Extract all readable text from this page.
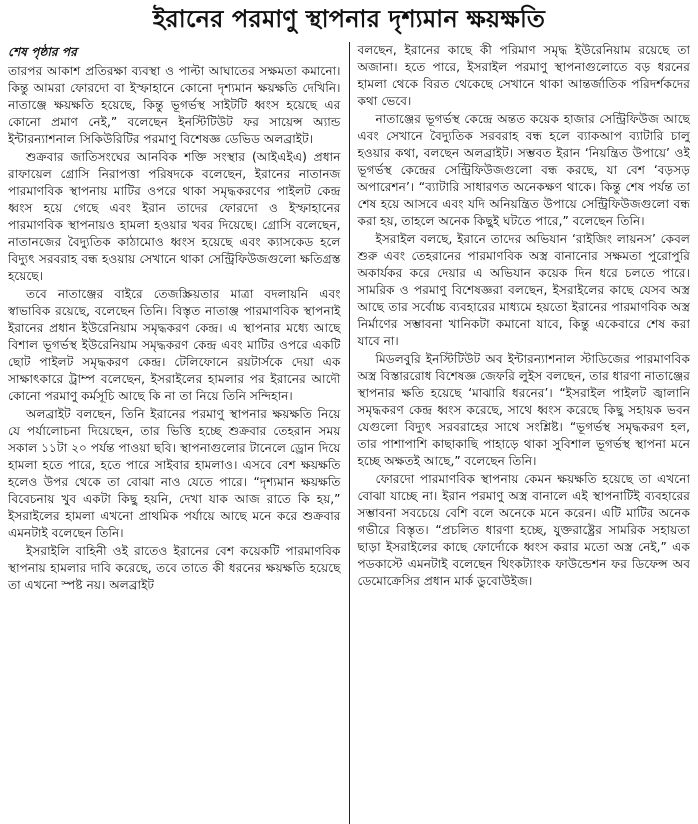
ইরানের পরমাণু স্থাপনার দৃশ্যমান ক্ষয়ক্ষতি
শেষ পৃষ্ঠার পর

তারপর আকাশ প্রতিরক্ষা ব্যবস্থা ও পাল্টা আঘাতের সক্ষমতা কমানো। কিন্তু আমরা ফোরদো বা ইস্ফাহানে কোনো দৃশ্যমান ক্ষয়ক্ষতি দেখিনি। নাতাঞ্জে ক্ষয়ক্ষতি হয়েছে, কিন্তু ভূগর্ভস্থ সাইটটি ধ্বংস হয়েছে এর কোনো প্রমাণ নেই,” বলেছেন ইনস্টিটিউট ফর সায়েন্স অ্যান্ড ইন্টারন্যাশনাল সিকিউরিটির পরমাণু বিশেষজ্ঞ ডেভিড অলব্রাইট।

শুক্রবার জাতিসংঘের আনবিক শক্তি সংস্থার (আইএইএ) প্রধান রাফায়েল গ্রোসি নিরাপত্তা পরিষদকে বলেছেন, ইরানের নাতানজ পারমাণবিক স্থাপনায় মাটির ওপরে থাকা সমৃদ্ধকরণের পাইলট কেন্দ্র ধ্বংস হয়ে গেছে এবং ইরান তাদের ফোরদো ও ইস্ফাহানের পারমাণবিক স্থাপনায়ও হামলা হওয়ার খবর দিয়েছে। গ্রোসি বলেছেন, নাতানজের বৈদ্যুতিক কাঠামোও ধ্বংস হয়েছে এবং ক্যাসকেড হলে বিদ্যুৎ সরবরাহ বন্ধ হওয়ায় সেখানে থাকা সেন্ট্রিফিউজগুলো ক্ষতিগ্রস্ত হয়েছে।

তবে নাতাঞ্জের বাইরে তেজস্ক্রিয়তার মাত্রা বদলায়নি এবং স্বাভাবিক রয়েছে, বলেছেন তিনি। বিস্তৃত নাতাঞ্জ পারমাণবিক স্থাপনাই ইরানের প্রধান ইউরেনিয়াম সমৃদ্ধকরণ কেন্দ্র। এ স্থাপনার মধ্যে আছে বিশাল ভূগর্ভস্থ ইউরেনিয়াম সমৃদ্ধকরণ কেন্দ্র এবং মাটির ওপরে একটি ছোট পাইলট সমৃদ্ধকরণ কেন্দ্র। টেলিফোনে রয়টার্সকে দেয়া এক সাক্ষাৎকারে ট্রাম্প বলেছেন, ইসরাইলের হামলার পর ইরানের আদৌ কোনো পরমাণু কর্মসূচি আছে কি না তা নিয়ে তিনি সন্দিহান।

অলব্রাইট বলছেন, তিনি ইরানের পরমাণু স্থাপনার ক্ষয়ক্ষতি নিয়ে যে পর্যালোচনা দিয়েছেন, তার ভিত্তি হচ্ছে শুক্রবার তেহরান সময় সকাল ১১টা ২০ পর্যন্ত পাওয়া ছবি। স্থাপনাগুলোর টানেলে ড্রোন দিয়ে হামলা হতে পারে, হতে পারে সাইবার হামলাও। এসবে বেশ ক্ষয়ক্ষতি হলেও উপর থেকে তা বোঝা নাও যেতে পারে। “দৃশ্যমান ক্ষয়ক্ষতি বিবেচনায় খুব একটা কিছু হয়নি, দেখা যাক আজ রাতে কি হয়,” ইসরাইলের হামলা এখনো প্রাথমিক পর্যায়ে আছে মনে করে শুক্রবার এমনটাই বলেছেন তিনি।

ইসরাইলি বাহিনী ওই রাতেও ইরানের বেশ কয়েকটি পারমাণবিক স্থাপনায় হামলার দাবি করেছে, তবে তাতে কী ধরনের ক্ষয়ক্ষতি হয়েছে তা এখনো স্পষ্ট নয়। অলব্রাইট

বলছেন, ইরানের কাছে কী পরিমাণ সমৃদ্ধ ইউরেনিয়াম রয়েছে তা অজানা। হতে পারে, ইসরাইল পরমাণু স্থাপনাগুলোতে বড় ধরনের হামলা থেকে বিরত থেকেছে সেখানে থাকা আন্তর্জাতিক পরিদর্শকদের কথা ভেবে।

নাতাঞ্জের ভূগর্ভস্থ কেন্দ্রে অন্তত কয়েক হাজার সেন্ট্রিফিউজ আছে এবং সেখানে বৈদ্যুতিক সরবরাহ বন্ধ হলে ব্যাকআপ ব্যাটারি চালু হওয়ার কথা, বলছেন অলব্রাইট। সম্ভবত ইরান ‘নিয়ন্ত্রিত উপায়ে’ ওই ভূগর্ভস্থ কেন্দ্রের সেন্ট্রিফিউজগুলো বন্ধ করছে, যা বেশ ‘বড়সড় অপারেশন’। “ব্যাটারি সাধারণত অনেকক্ষণ থাকে। কিন্তু শেষ পর্যন্ত তা শেষ হয়ে আসবে এবং যদি অনিয়ন্ত্রিত উপায়ে সেন্ট্রিফিউজগুলো বন্ধ করা হয়, তাহলে অনেক কিছুই ঘটতে পারে,” বলেছেন তিনি।

ইসরাইল বলছে, ইরানে তাদের অভিযান ‘রাইজিং লায়নস’ কেবল শুরু এবং তেহরানের পারমাণবিক অস্ত্র বানানোর সক্ষমতা পুরোপুরি অকার্যকর করে দেয়ার এ অভিযান কয়েক দিন ধরে চলতে পারে। সামরিক ও পরমাণু বিশেষজ্ঞরা বলছেন, ইসরাইলের কাছে যেসব অস্ত্র আছে তার সর্বোচ্চ ব্যবহারের মাধ্যমে হয়তো ইরানের পারমাণবিক অস্ত্র নির্মাণের সম্ভাবনা খানিকটা কমানো যাবে, কিন্তু একেবারে শেষ করা যাবে না।

মিডলবুরি ইনস্টিটিউট অব ইন্টারন্যাশনাল স্টাডিজের পারমাণবিক অস্ত্র বিস্তাররোধ বিশেষজ্ঞ জেফরি লুইস বলছেন, তার ধারণা নাতাঞ্জের স্থাপনার ক্ষতি হয়েছে ‘মাঝারি ধরনের’। “ইসরাইল পাইলট জ্বালানি সমৃদ্ধকরণ কেন্দ্র ধ্বংস করেছে, সাথে ধ্বংস করেছে কিছু সহায়ক ভবন যেগুলো বিদ্যুৎ সরবরাহের সাথে সংশ্লিষ্ট। “ভূগর্ভস্থ সমৃদ্ধকরণ হল, তার পাশাপাশি কাছাকাছি পাহাড়ে থাকা সুবিশাল ভূগর্ভস্থ স্থাপনা মনে হচ্ছে অক্ষতই আছে,” বলেছেন তিনি।

ফোরদো পারমাণবিক স্থাপনায় কেমন ক্ষয়ক্ষতি হয়েছে তা এখনো বোঝা যাচ্ছে না। ইরান পরমাণু অস্ত্র বানালে এই স্থাপনাটিই ব্যবহারের সম্ভাবনা সবচেয়ে বেশি বলে অনেকে মনে করেন। এটি মাটির অনেক গভীরে বিস্তৃত। “প্রচলিত ধারণা হচ্ছে, যুক্তরাষ্ট্রের সামরিক সহায়তা ছাড়া ইসরাইলের কাছে ফোর্দোকে ধ্বংস করার মতো অস্ত্র নেই,” এক পডকাস্টে এমনটাই বলেছেন থিংকট্যাংক ফাউন্ডেশন ফর ডিফেন্স অব ডেমোক্রেসির প্রধান মার্ক ডুবোউইজ।
